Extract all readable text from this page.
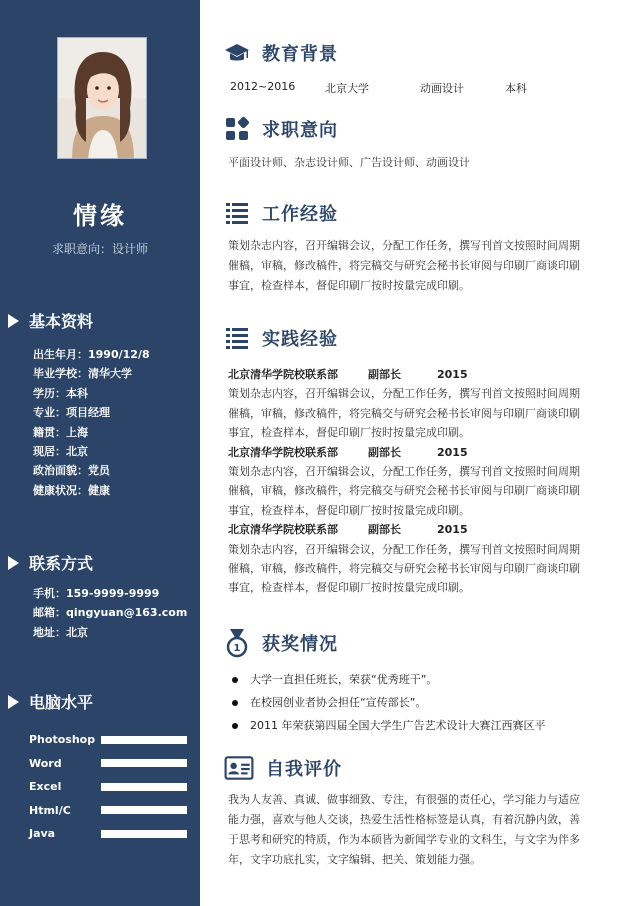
情缘
求职意向：设计师
基本资料
出生年月：1990/12/8
毕业学校：清华大学
学历：本科
专业：项目经理
籍贯：上海
现居：北京
政治面貌：党员
健康状况：健康
联系方式
手机：159-9999-9999
邮箱：qingyuan@163.com
地址：北京
电脑水平
Photoshop
Word
Excel
Html/C
Java
教育背景
2012~2016	北京大学	动画设计	本科
求职意向
平面设计师、杂志设计师、广告设计师、动画设计
工作经验
策划杂志内容，召开编辑会议，分配工作任务，撰写刊首文按照时间周期
催稿，审稿，修改稿件，将完稿交与研究会秘书长审阅与印刷厂商谈印刷
事宜，检查样本，督促印刷厂按时按量完成印刷。
实践经验
北京清华学院校联系部	副部长	2015
策划杂志内容，召开编辑会议，分配工作任务，撰写刊首文按照时间周期
催稿，审稿，修改稿件，将完稿交与研究会秘书长审阅与印刷厂商谈印刷
事宜，检查样本，督促印刷厂按时按量完成印刷。
北京清华学院校联系部	副部长	2015
策划杂志内容，召开编辑会议，分配工作任务，撰写刊首文按照时间周期
催稿，审稿，修改稿件，将完稿交与研究会秘书长审阅与印刷厂商谈印刷
事宜，检查样本，督促印刷厂按时按量完成印刷。
北京清华学院校联系部	副部长	2015
策划杂志内容，召开编辑会议，分配工作任务，撰写刊首文按照时间周期
催稿，审稿，修改稿件，将完稿交与研究会秘书长审阅与印刷厂商谈印刷
事宜，检查样本，督促印刷厂按时按量完成印刷。
1 获奖情况
大学一直担任班长，荣获“优秀班干”。
在校园创业者协会担任“宣传部长”。
2011 年荣获第四届全国大学生广告艺术设计大赛江西赛区平
自我评价
我为人友善、真诚、做事细致、专注，有很强的责任心，学习能力与适应
能力强，喜欢与他人交谈，热爱生活性格标签是认真，有着沉静内敛，善
于思考和研究的特质，作为本硕皆为新闻学专业的文科生，与文字为伴多
年，文字功底扎实，文字编辑、把关、策划能力强。
